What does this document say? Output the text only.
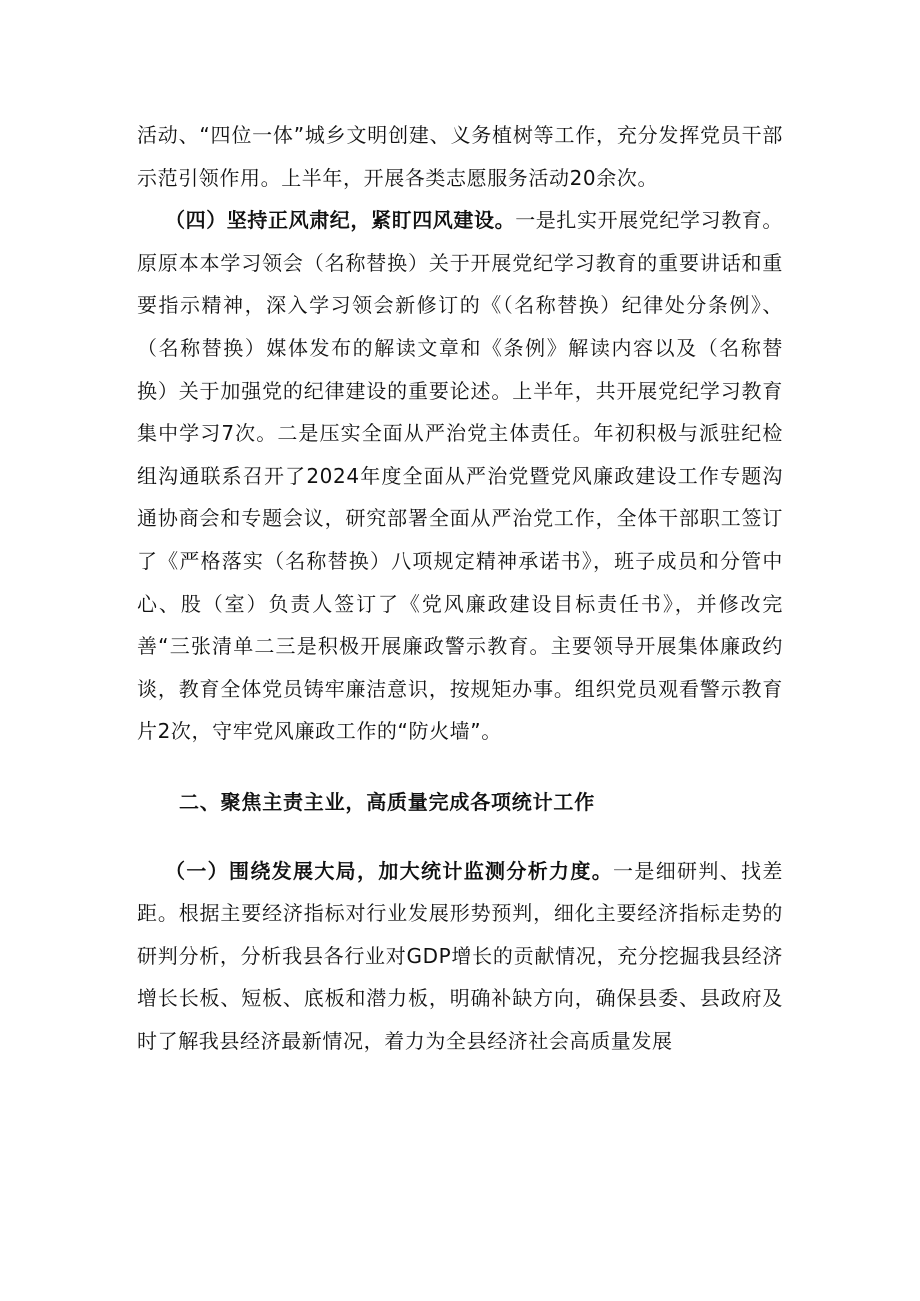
活动、“四位一体”城乡文明创建、义务植树等工作，充分发挥党员干部示范引领作用。上半年，开展各类志愿服务活动20余次。

（四）坚持正风肃纪，紧盯四风建设。一是扎实开展党纪学习教育。原原本本学习领会（名称替换）关于开展党纪学习教育的重要讲话和重要指示精神，深入学习领会新修订的《（名称替换）纪律处分条例》、（名称替换）媒体发布的解读文章和《条例》解读内容以及（名称替换）关于加强党的纪律建设的重要论述。上半年，共开展党纪学习教育集中学习7次。二是压实全面从严治党主体责任。年初积极与派驻纪检组沟通联系召开了2024年度全面从严治党暨党风廉政建设工作专题沟通协商会和专题会议，研究部署全面从严治党工作，全体干部职工签订了《严格落实（名称替换）八项规定精神承诺书》，班子成员和分管中心、股（室）负责人签订了《党风廉政建设目标责任书》，并修改完善“三张清单二三是积极开展廉政警示教育。主要领导开展集体廉政约谈，教育全体党员铸牢廉洁意识，按规矩办事。组织党员观看警示教育片2次，守牢党风廉政工作的“防火墙”。

二、聚焦主责主业，高质量完成各项统计工作

（一）围绕发展大局，加大统计监测分析力度。一是细研判、找差距。根据主要经济指标对行业发展形势预判，细化主要经济指标走势的研判分析，分析我县各行业对GDP增长的贡献情况，充分挖掘我县经济增长长板、短板、底板和潜力板，明确补缺方向，确保县委、县政府及时了解我县经济最新情况，着力为全县经济社会高质量发展
